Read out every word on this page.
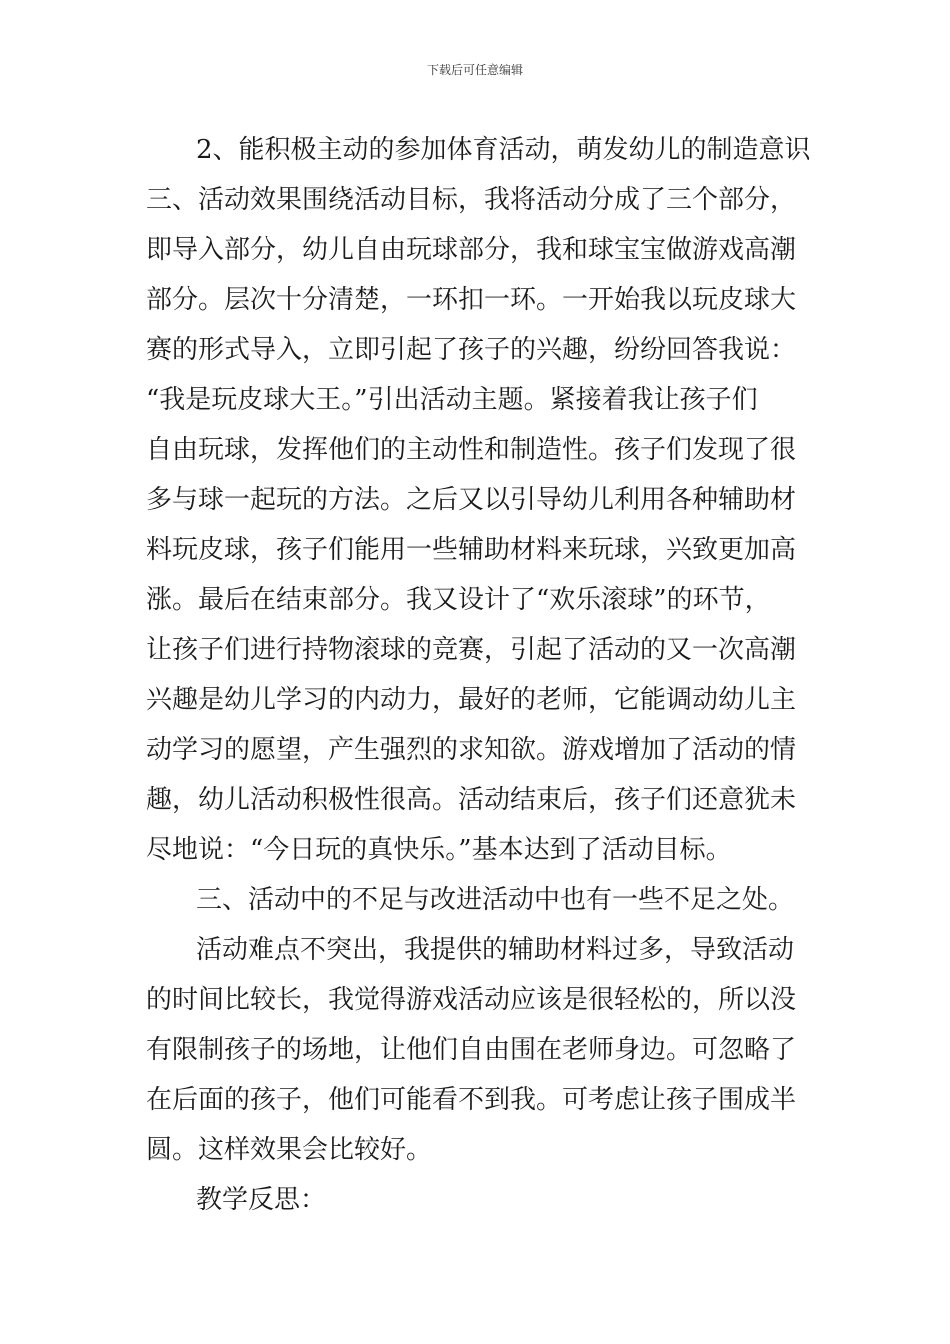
下载后可任意编辑
2、能积极主动的参加体育活动，萌发幼儿的制造意识
三、活动效果围绕活动目标，我将活动分成了三个部分，
即导入部分，幼儿自由玩球部分，我和球宝宝做游戏高潮
部分。层次十分清楚，一环扣一环。一开始我以玩皮球大
赛的形式导入，立即引起了孩子的兴趣，纷纷回答我说：
“我是玩皮球大王。”引出活动主题。紧接着我让孩子们
自由玩球，发挥他们的主动性和制造性。孩子们发现了很
多与球一起玩的方法。之后又以引导幼儿利用各种辅助材
料玩皮球，孩子们能用一些辅助材料来玩球，兴致更加高
涨。最后在结束部分。我又设计了“欢乐滚球”的环节，
让孩子们进行持物滚球的竞赛，引起了活动的又一次高潮
兴趣是幼儿学习的内动力，最好的老师，它能调动幼儿主
动学习的愿望，产生强烈的求知欲。游戏增加了活动的情
趣，幼儿活动积极性很高。活动结束后，孩子们还意犹未
尽地说：“今日玩的真快乐。”基本达到了活动目标。
三、活动中的不足与改进活动中也有一些不足之处。
活动难点不突出，我提供的辅助材料过多，导致活动
的时间比较长，我觉得游戏活动应该是很轻松的，所以没
有限制孩子的场地，让他们自由围在老师身边。可忽略了
在后面的孩子，他们可能看不到我。可考虑让孩子围成半
圆。这样效果会比较好。
教学反思：
